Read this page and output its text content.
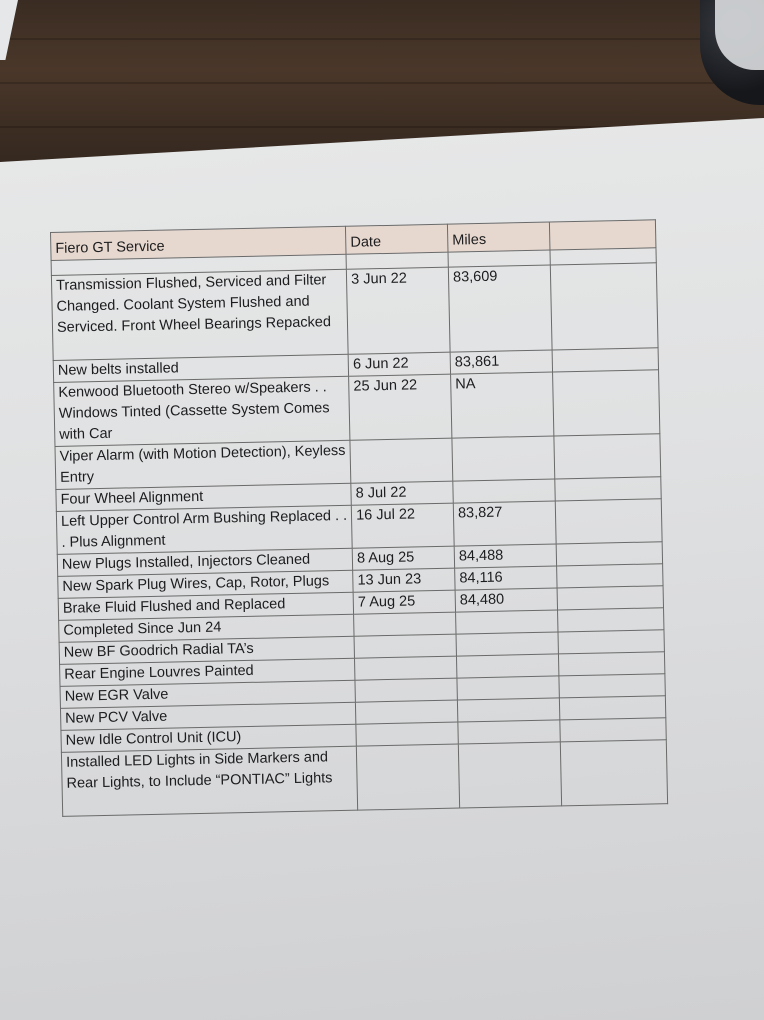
Fiero GT Service	Date	Miles	

Transmission Flushed, Serviced and Filter Changed. Coolant System Flushed and Serviced. Front Wheel Bearings Repacked	3 Jun 22	83,609	
New belts installed	6 Jun 22	83,861	
Kenwood Bluetooth Stereo w/Speakers . . Windows Tinted (Cassette System Comes with Car	25 Jun 22	NA	
Viper Alarm (with Motion Detection), Keyless Entry			
Four Wheel Alignment	8 Jul 22		
Left Upper Control Arm Bushing Replaced . . . Plus Alignment	16 Jul 22	83,827	
New Plugs Installed, Injectors Cleaned	8 Aug 25	84,488	
New Spark Plug Wires, Cap, Rotor, Plugs	13 Jun 23	84,116	
Brake Fluid Flushed and Replaced	7 Aug 25	84,480	
Completed Since Jun 24			
New BF Goodrich Radial TA’s			
Rear Engine Louvres Painted			
New EGR Valve			
New PCV Valve			
New Idle Control Unit (ICU)			
Installed LED Lights in Side Markers and Rear Lights, to Include “PONTIAC” Lights			
